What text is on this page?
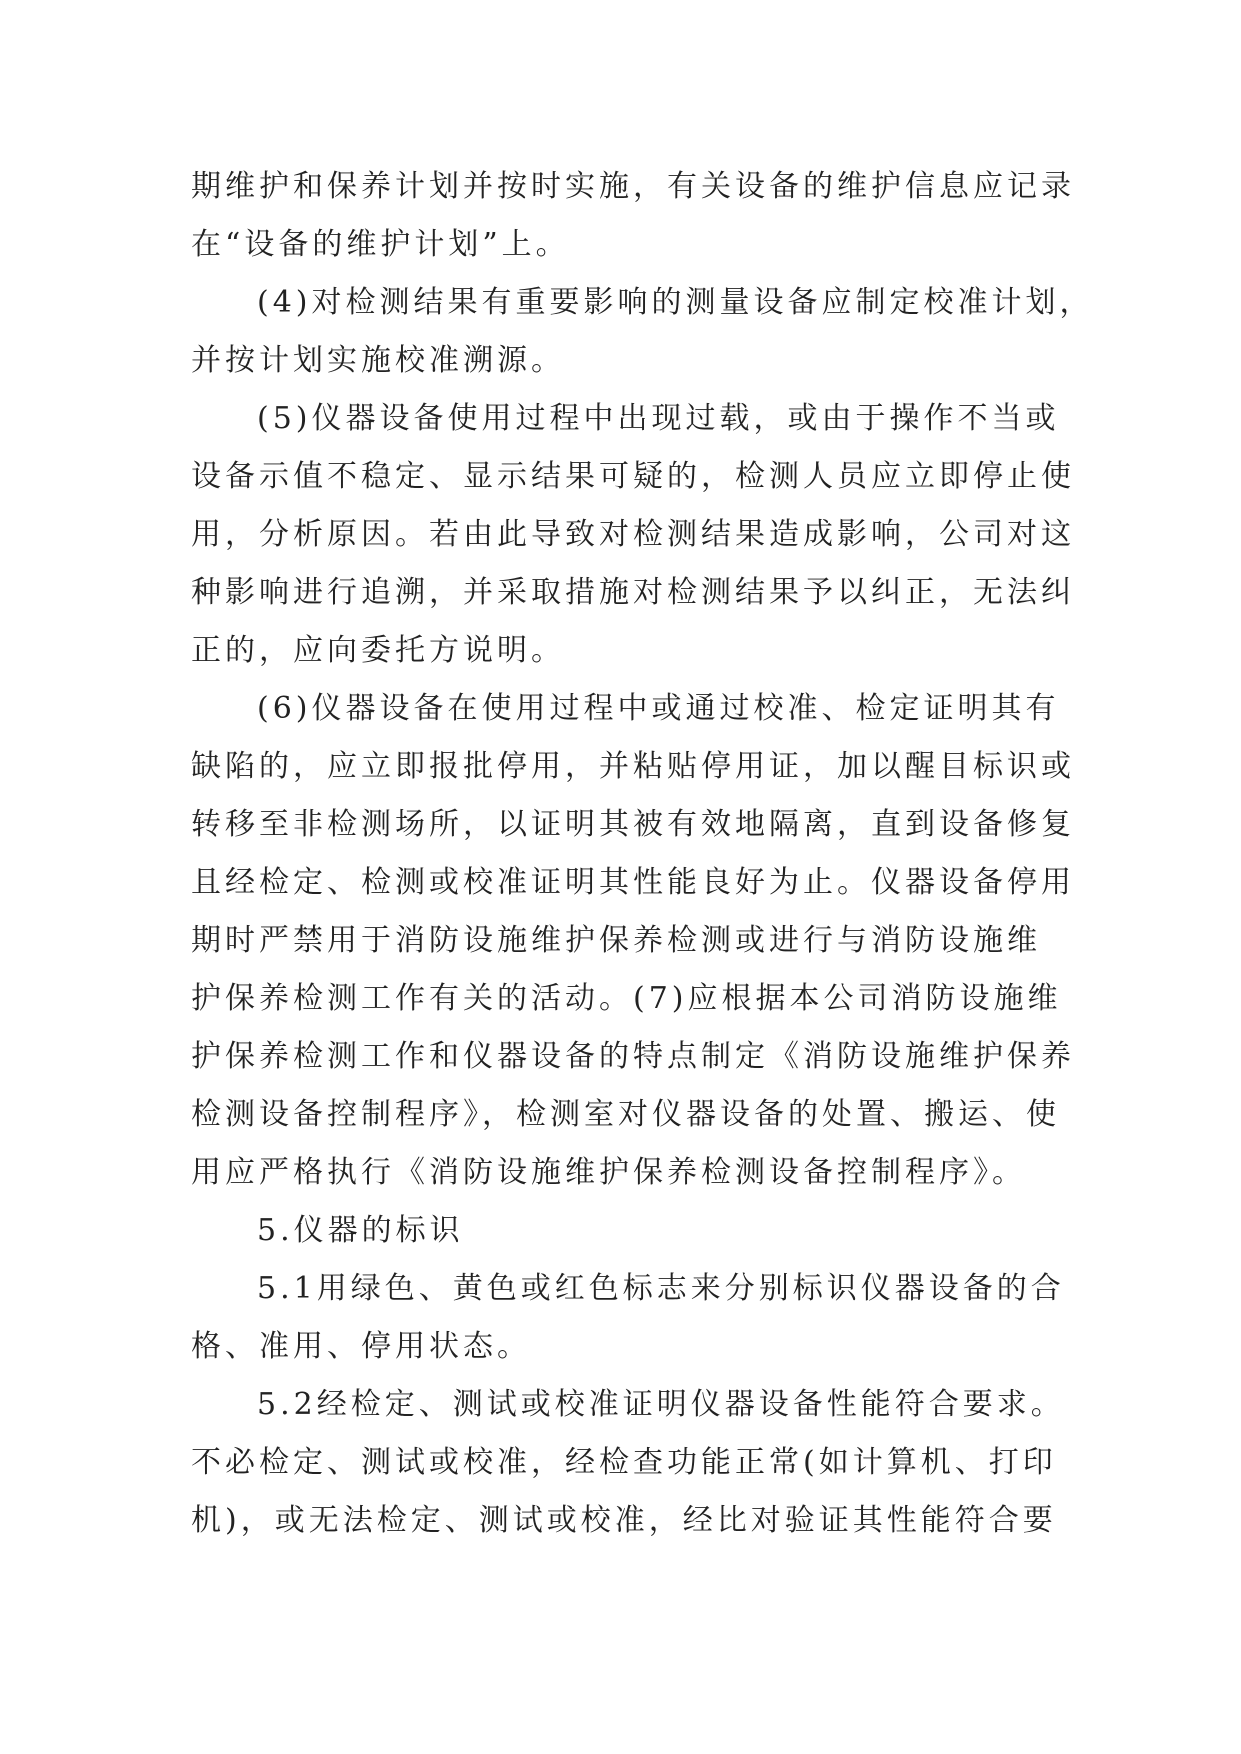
期维护和保养计划并按时实施，有关设备的维护信息应记录
在“设备的维护计划”上。
(4)对检测结果有重要影响的测量设备应制定校准计划，
并按计划实施校准溯源。
(5)仪器设备使用过程中出现过载，或由于操作不当或
设备示值不稳定、显示结果可疑的，检测人员应立即停止使
用，分析原因。若由此导致对检测结果造成影响，公司对这
种影响进行追溯，并采取措施对检测结果予以纠正，无法纠
正的，应向委托方说明。
(6)仪器设备在使用过程中或通过校准、检定证明其有
缺陷的，应立即报批停用，并粘贴停用证，加以醒目标识或
转移至非检测场所，以证明其被有效地隔离，直到设备修复
且经检定、检测或校准证明其性能良好为止。仪器设备停用
期时严禁用于消防设施维护保养检测或进行与消防设施维
护保养检测工作有关的活动。(7)应根据本公司消防设施维
护保养检测工作和仪器设备的特点制定《消防设施维护保养
检测设备控制程序》，检测室对仪器设备的处置、搬运、使
用应严格执行《消防设施维护保养检测设备控制程序》。
5.仪器的标识
5.1用绿色、黄色或红色标志来分别标识仪器设备的合
格、准用、停用状态。
5.2经检定、测试或校准证明仪器设备性能符合要求。
不必检定、测试或校准，经检查功能正常(如计算机、打印
机)，或无法检定、测试或校准，经比对验证其性能符合要
